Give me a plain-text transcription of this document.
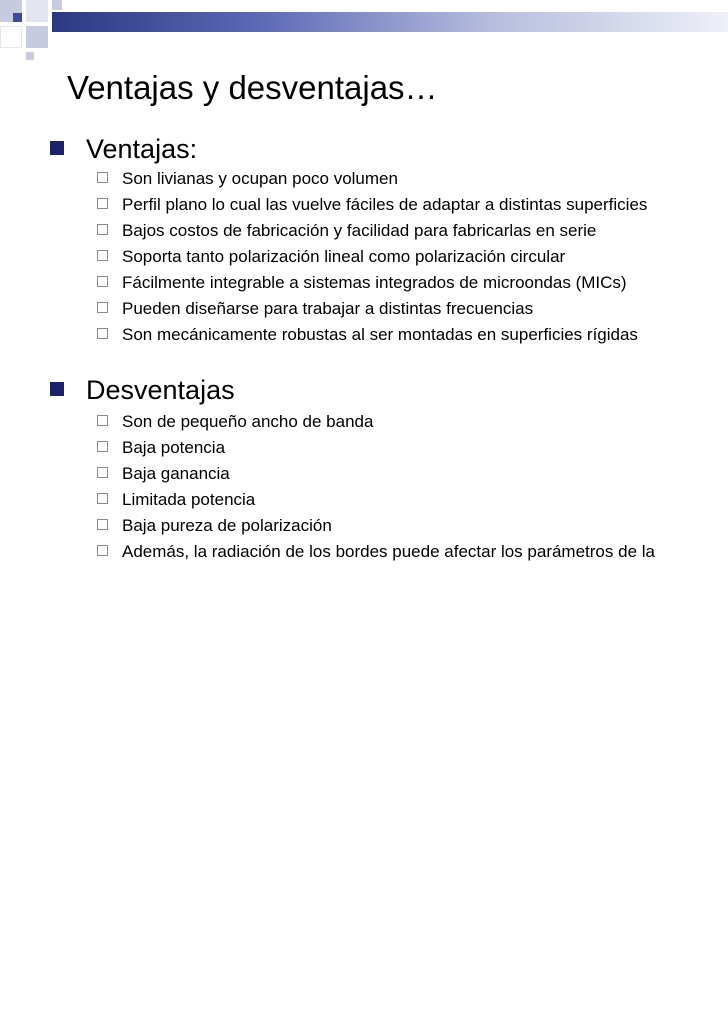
Ventajas y desventajas…
Ventajas:
Son livianas y ocupan poco volumen
Perfil plano lo cual las vuelve fáciles de adaptar a distintas superficies
Bajos costos de fabricación y facilidad para fabricarlas en serie
Soporta tanto polarización lineal como polarización circular
Fácilmente integrable a sistemas integrados de microondas (MICs)
Pueden diseñarse para trabajar a distintas frecuencias
Son mecánicamente robustas al ser montadas en superficies rígidas
Desventajas
Son de pequeño ancho de banda
Baja potencia
Baja ganancia
Limitada potencia
Baja pureza de polarización
Además, la radiación de los bordes puede afectar los parámetros de la
